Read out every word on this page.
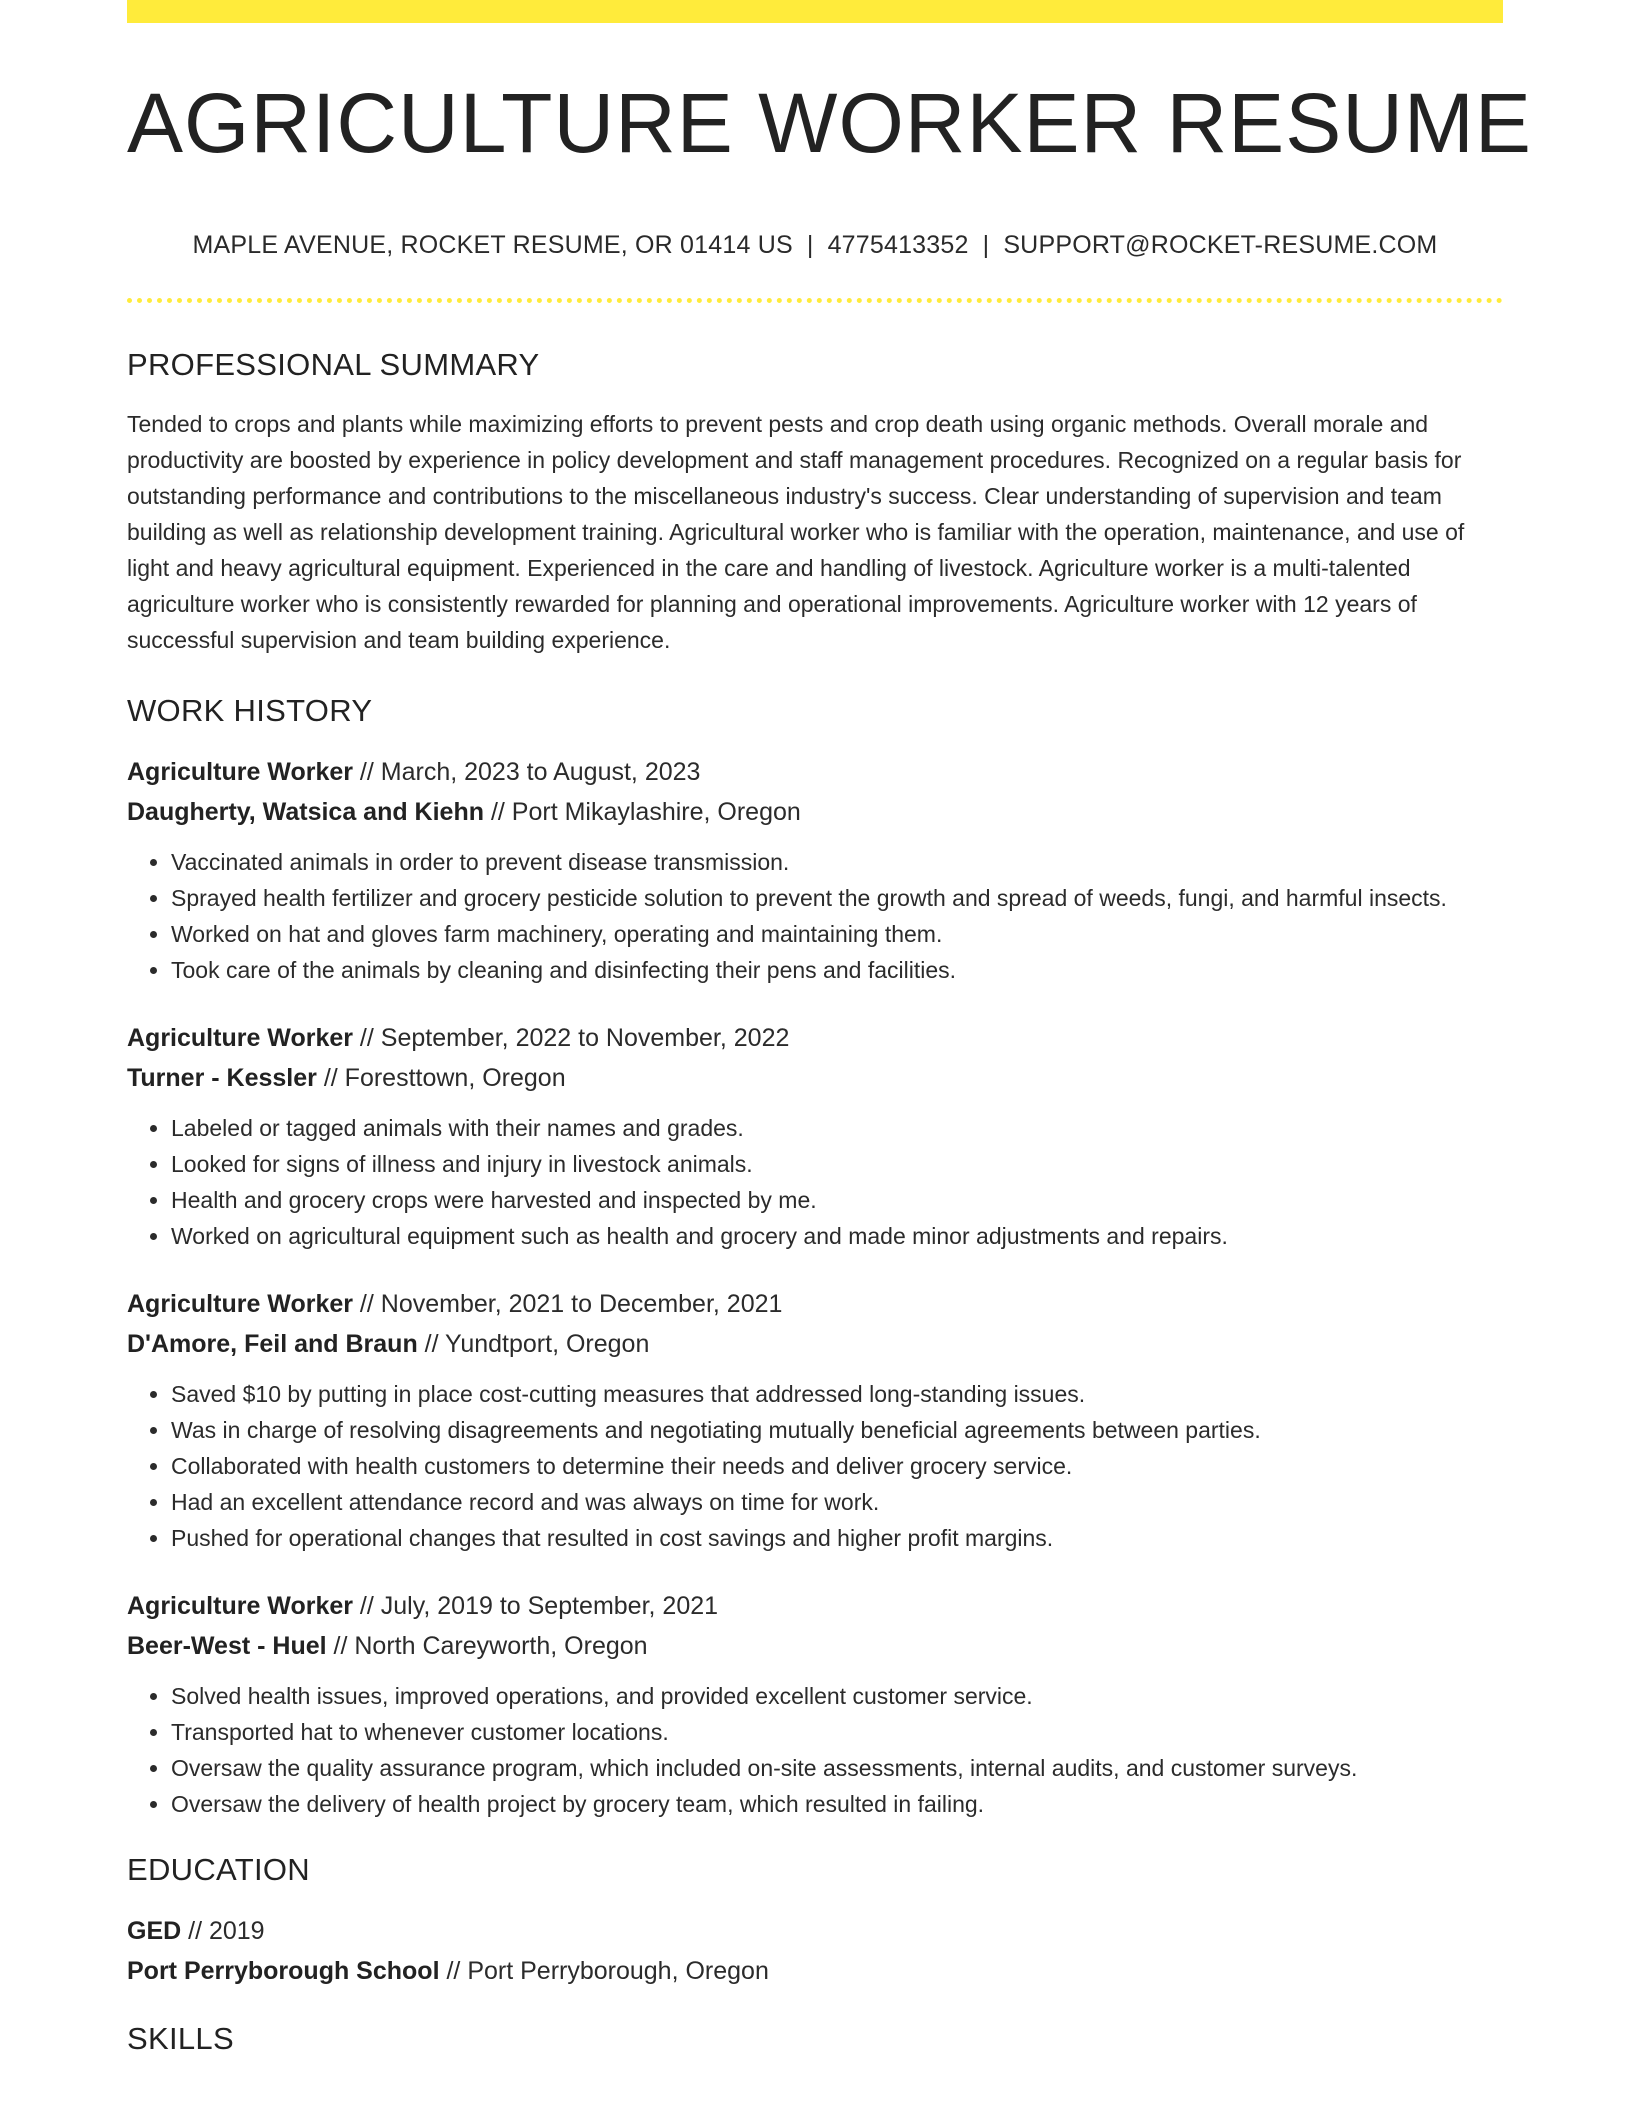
AGRICULTURE WORKER RESUME
MAPLE AVENUE, ROCKET RESUME, OR 01414 US | 4775413352 | SUPPORT@ROCKET-RESUME.COM
PROFESSIONAL SUMMARY

Tended to crops and plants while maximizing efforts to prevent pests and crop death using organic methods. Overall morale and productivity are boosted by experience in policy development and staff management procedures. Recognized on a regular basis for outstanding performance and contributions to the miscellaneous industry's success. Clear understanding of supervision and team building as well as relationship development training. Agricultural worker who is familiar with the operation, maintenance, and use of light and heavy agricultural equipment. Experienced in the care and handling of livestock. Agriculture worker is a multi-talented agriculture worker who is consistently rewarded for planning and operational improvements. Agriculture worker with 12 years of successful supervision and team building experience.

WORK HISTORY
Agriculture Worker // March, 2023 to August, 2023
Daugherty, Watsica and Kiehn // Port Mikaylashire, Oregon
• Vaccinated animals in order to prevent disease transmission.
• Sprayed health fertilizer and grocery pesticide solution to prevent the growth and spread of weeds, fungi, and harmful insects.
• Worked on hat and gloves farm machinery, operating and maintaining them.
• Took care of the animals by cleaning and disinfecting their pens and facilities.
Agriculture Worker // September, 2022 to November, 2022
Turner - Kessler // Foresttown, Oregon
• Labeled or tagged animals with their names and grades.
• Looked for signs of illness and injury in livestock animals.
• Health and grocery crops were harvested and inspected by me.
• Worked on agricultural equipment such as health and grocery and made minor adjustments and repairs.
Agriculture Worker // November, 2021 to December, 2021
D'Amore, Feil and Braun // Yundtport, Oregon
• Saved $10 by putting in place cost-cutting measures that addressed long-standing issues.
• Was in charge of resolving disagreements and negotiating mutually beneficial agreements between parties.
• Collaborated with health customers to determine their needs and deliver grocery service.
• Had an excellent attendance record and was always on time for work.
• Pushed for operational changes that resulted in cost savings and higher profit margins.
Agriculture Worker // July, 2019 to September, 2021
Beer-West - Huel // North Careyworth, Oregon
• Solved health issues, improved operations, and provided excellent customer service.
• Transported hat to whenever customer locations.
• Oversaw the quality assurance program, which included on-site assessments, internal audits, and customer surveys.
• Oversaw the delivery of health project by grocery team, which resulted in failing.
EDUCATION
GED // 2019
Port Perryborough School // Port Perryborough, Oregon
SKILLS
